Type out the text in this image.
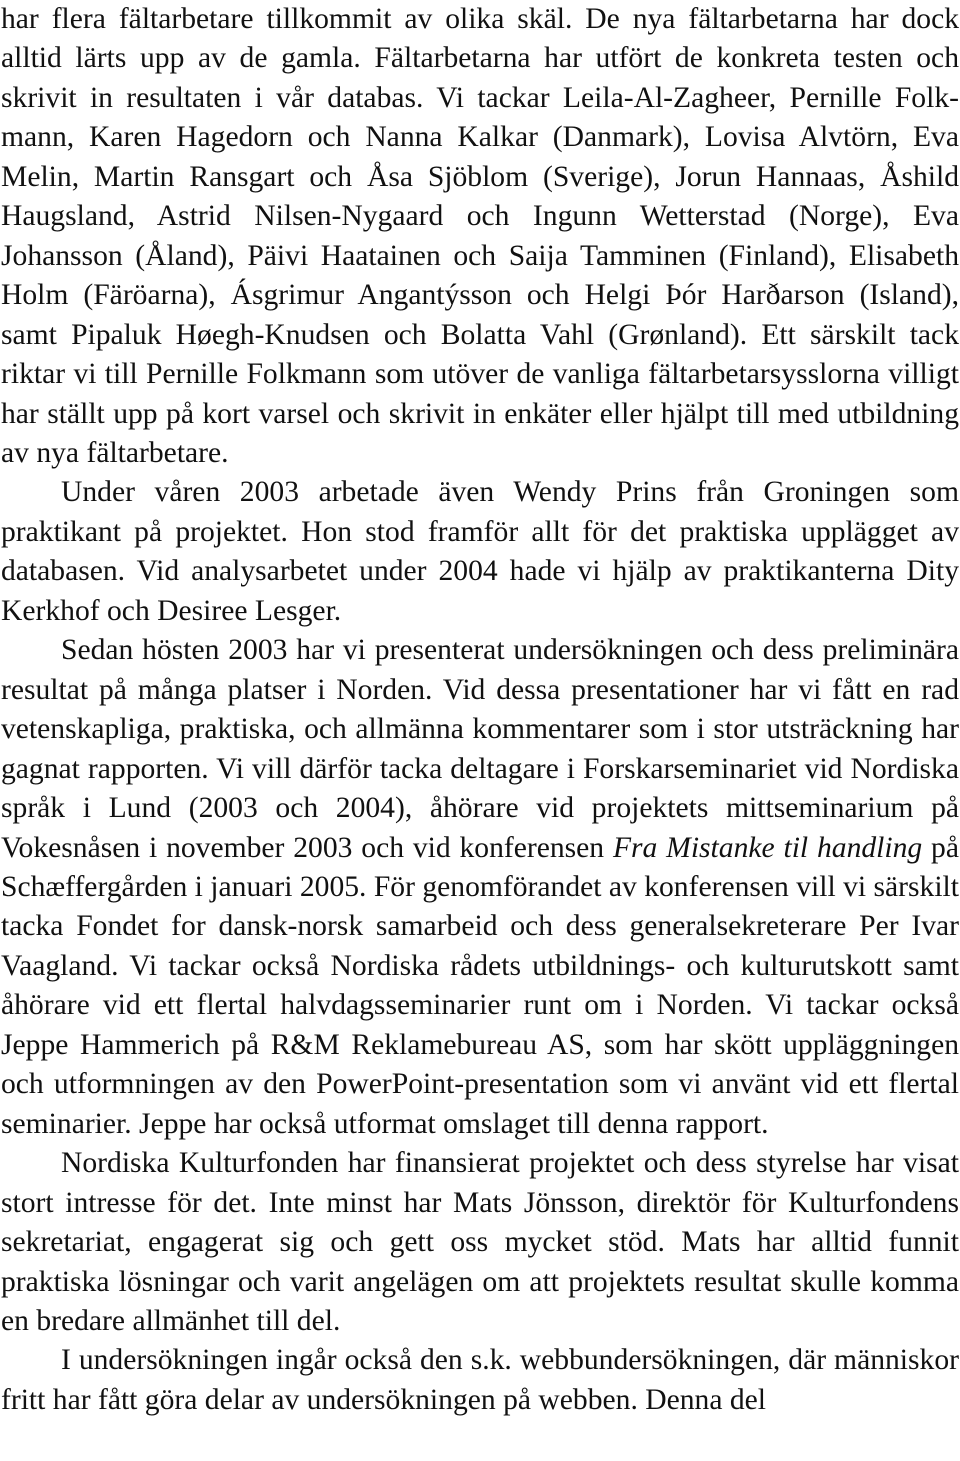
har flera fältarbetare tillkommit av olika skäl. De nya fältarbetarna har dock alltid lärts upp av de gamla. Fältarbetarna har utfört de konkreta testen och skrivit in resultaten i vår databas. Vi tackar Leila-Al-Zagheer, Pernille Folkmann, Karen Hagedorn och Nanna Kalkar (Danmark), Lovisa Alvtörn, Eva Melin, Martin Ransgart och Åsa Sjöblom (Sverige), Jorun Hannaas, Åshild Haugsland, Astrid Nilsen-Nygaard och Ingunn Wetterstad (Norge), Eva Johansson (Åland), Päivi Haatainen och Saija Tamminen (Finland), Elisabeth Holm (Färöarna), Ásgrimur Angantýsson och Helgi Þór Harðarson (Island), samt Pipaluk Høegh-Knudsen och Bolatta Vahl (Grønland). Ett särskilt tack riktar vi till Pernille Folkmann som utöver de vanliga fältarbetarsysslorna villigt har ställt upp på kort varsel och skrivit in enkäter eller hjälpt till med utbildning av nya fältarbetare.

Under våren 2003 arbetade även Wendy Prins från Groningen som praktikant på projektet. Hon stod framför allt för det praktiska upplägget av databasen. Vid analysarbetet under 2004 hade vi hjälp av praktikanterna Dity Kerkhof och Desiree Lesger.

Sedan hösten 2003 har vi presenterat undersökningen och dess preliminära resultat på många platser i Norden. Vid dessa presentationer har vi fått en rad vetenskapliga, praktiska, och allmänna kommentarer som i stor utsträckning har gagnat rapporten. Vi vill därför tacka deltagare i Forskarseminariet vid Nordiska språk i Lund (2003 och 2004), åhörare vid projektets mittseminarium på Vokesnåsen i november 2003 och vid konferensen Fra Mistanke til handling på Schæffergården i januari 2005. För genomförandet av konferensen vill vi särskilt tacka Fondet for dansk-norsk samarbeid och dess generalsekreterare Per Ivar Vaagland. Vi tackar också Nordiska rådets utbildnings- och kulturutskott samt åhörare vid ett flertal halvdagsseminarier runt om i Norden. Vi tackar också Jeppe Hammerich på R&M Reklamebureau AS, som har skött uppläggningen och utformningen av den PowerPoint-presentation som vi använt vid ett flertal seminarier. Jeppe har också utformat omslaget till denna rapport.

Nordiska Kulturfonden har finansierat projektet och dess styrelse har visat stort intresse för det. Inte minst har Mats Jönsson, direktör för Kulturfondens sekretariat, engagerat sig och gett oss mycket stöd. Mats har alltid funnit praktiska lösningar och varit angelägen om att projektets resultat skulle komma en bredare allmänhet till del.

I undersökningen ingår också den s.k. webbundersökningen, där människor fritt har fått göra delar av undersökningen på webben. Denna del
